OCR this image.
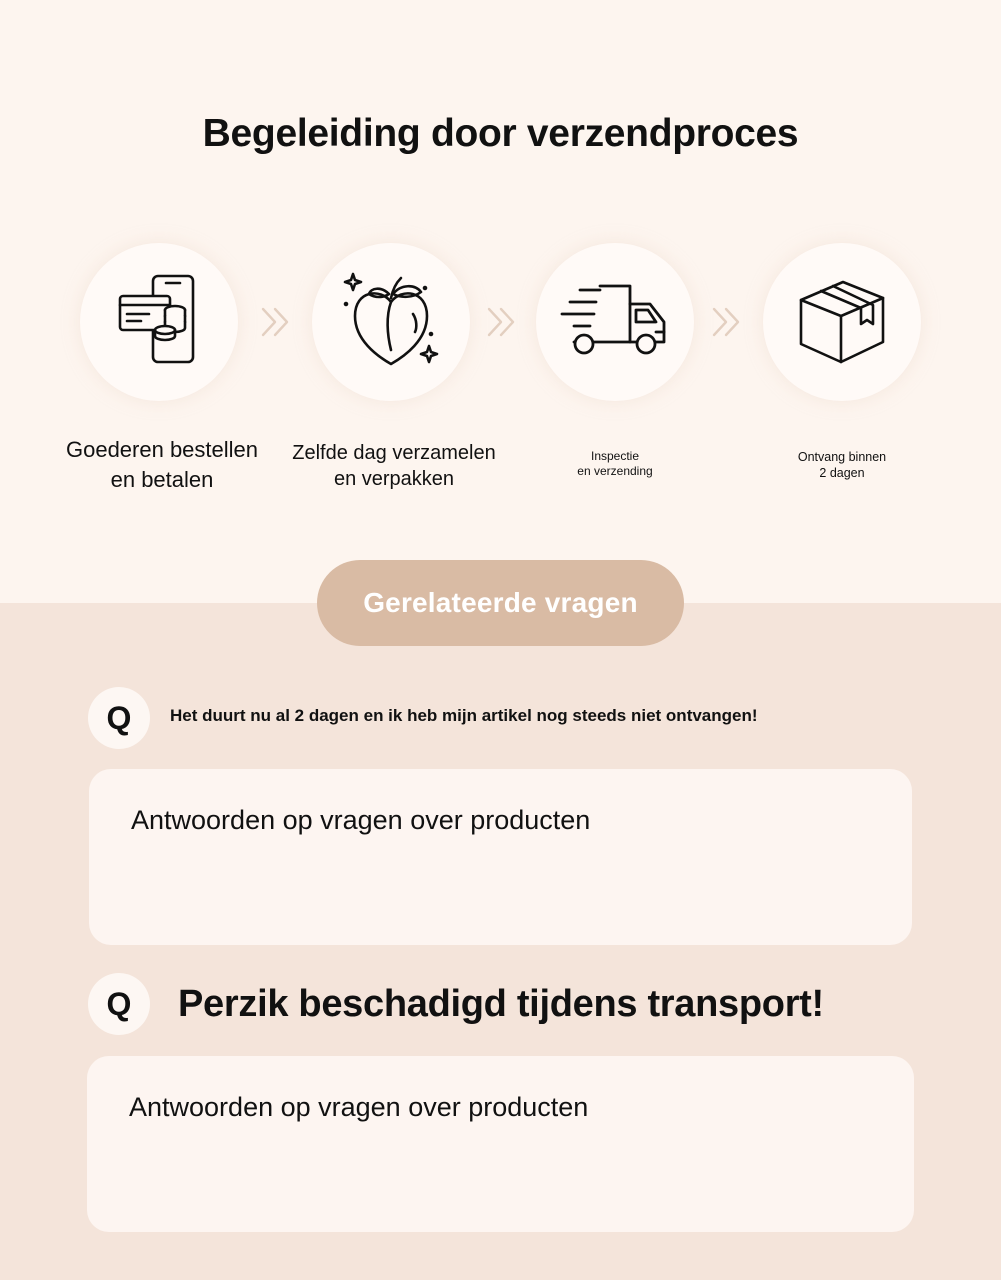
Begeleiding door verzendproces
Goederen bestellen
en betalen
Zelfde dag verzamelen
en verpakken
Inspectie
en verzending
Ontvang binnen
2 dagen
Gerelateerde vragen
Q	Het duurt nu al 2 dagen en ik heb mijn artikel nog steeds niet ontvangen!
Antwoorden op vragen over producten
Q	Perzik beschadigd tijdens transport!
Antwoorden op vragen over producten
